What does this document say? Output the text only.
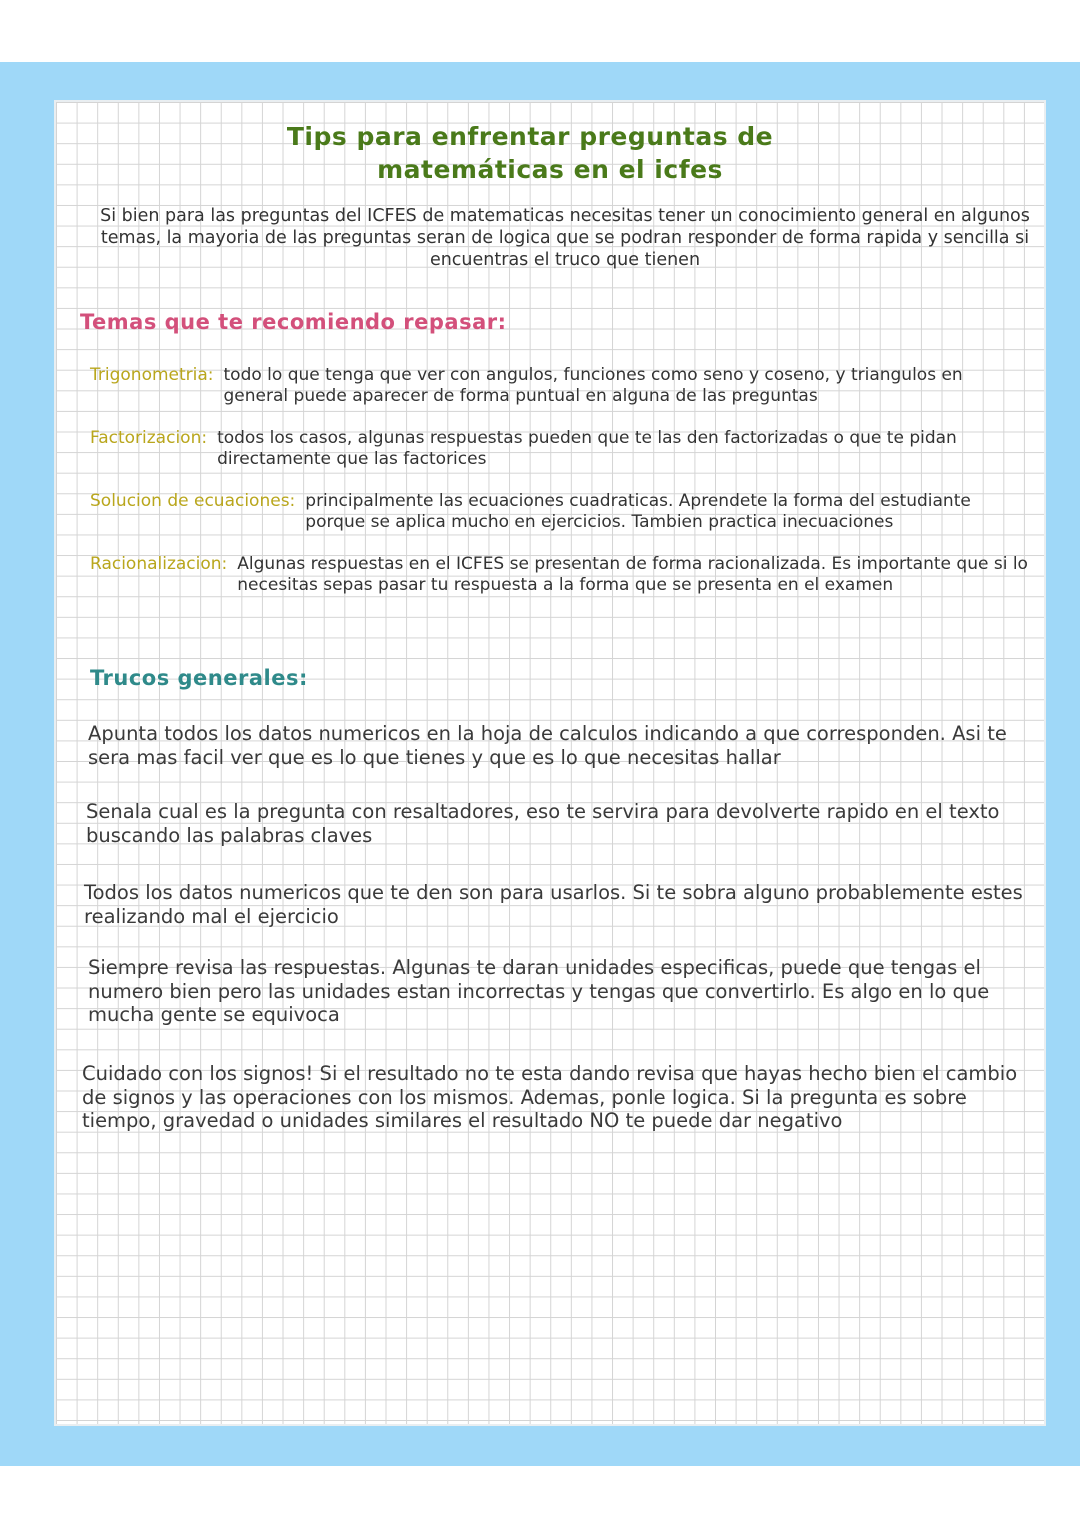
Tips para enfrentar preguntas de
matemáticas en el icfes
Si bien para las preguntas del ICFES de matematicas necesitas tener un conocimiento general en algunos temas, la mayoria de las preguntas seran de logica que se podran responder de forma rapida y sencilla si encuentras el truco que tienen
Temas que te recomiendo repasar:
Trigonometria: todo lo que tenga que ver con angulos, funciones como seno y coseno, y triangulos en general puede aparecer de forma puntual en alguna de las preguntas
Factorizacion: todos los casos, algunas respuestas pueden que te las den factorizadas o que te pidan directamente que las factorices
Solucion de ecuaciones: principalmente las ecuaciones cuadraticas. Aprendete la forma del estudiante porque se aplica mucho en ejercicios. Tambien practica inecuaciones
Racionalizacion: Algunas respuestas en el ICFES se presentan de forma racionalizada. Es importante que si lo necesitas sepas pasar tu respuesta a la forma que se presenta en el examen
Trucos generales:
Apunta todos los datos numericos en la hoja de calculos indicando a que corresponden. Asi te sera mas facil ver que es lo que tienes y que es lo que necesitas hallar
Senala cual es la pregunta con resaltadores, eso te servira para devolverte rapido en el texto buscando las palabras claves
Todos los datos numericos que te den son para usarlos. Si te sobra alguno probablemente estes realizando mal el ejercicio
Siempre revisa las respuestas. Algunas te daran unidades especificas, puede que tengas el numero bien pero las unidades estan incorrectas y tengas que convertirlo. Es algo en lo que mucha gente se equivoca
Cuidado con los signos! Si el resultado no te esta dando revisa que hayas hecho bien el cambio de signos y las operaciones con los mismos. Ademas, ponle logica. Si la pregunta es sobre tiempo, gravedad o unidades similares el resultado NO te puede dar negativo
